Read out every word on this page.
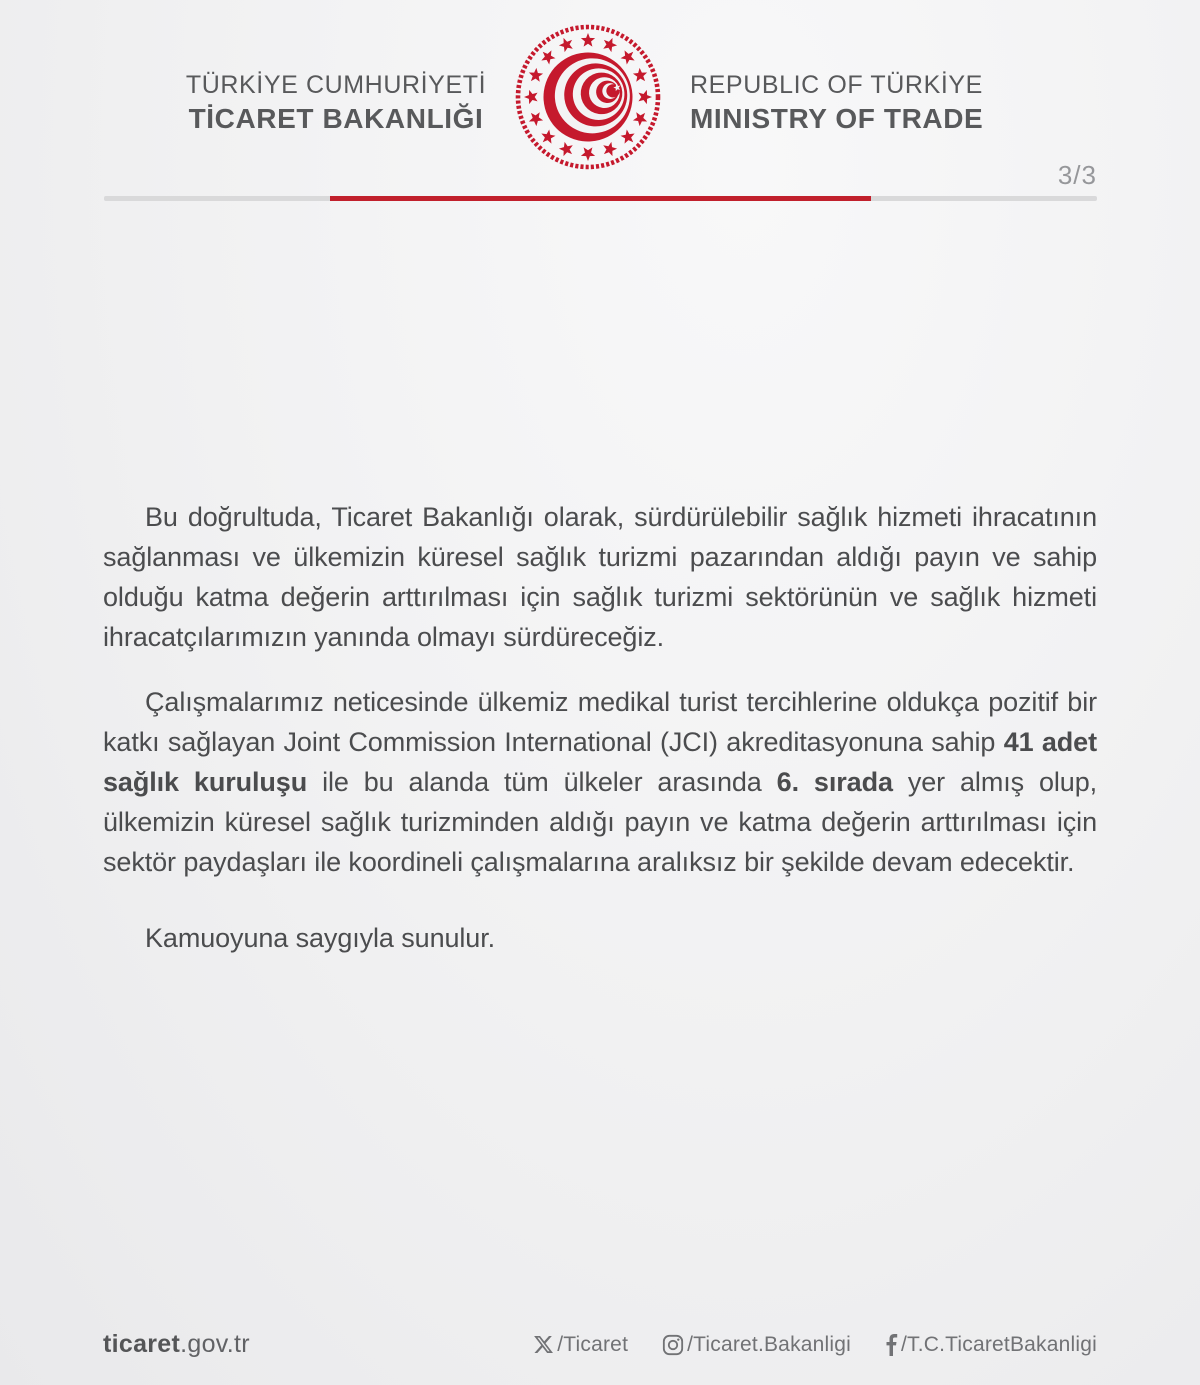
TÜRKİYE CUMHURİYETİ
TİCARET BAKANLIĞI
REPUBLIC OF TÜRKİYE
MINISTRY OF TRADE
3/3

Bu doğrultuda, Ticaret Bakanlığı olarak, sürdürülebilir sağlık hizmeti ihracatının sağlanması ve ülkemizin küresel sağlık turizmi pazarından aldığı payın ve sahip olduğu katma değerin arttırılması için sağlık turizmi sektörünün ve sağlık hizmeti ihracatçılarımızın yanında olmayı sürdüreceğiz.

Çalışmalarımız neticesinde ülkemiz medikal turist tercihlerine oldukça pozitif bir katkı sağlayan Joint Commission International (JCI) akreditasyonuna sahip 41 adet sağlık kuruluşu ile bu alanda tüm ülkeler arasında 6. sırada yer almış olup, ülkemizin küresel sağlık turizminden aldığı payın ve katma değerin arttırılması için sektör paydaşları ile koordineli çalışmalarına aralıksız bir şekilde devam edecektir.

Kamuoyuna saygıyla sunulur.

ticaret.gov.tr	/Ticaret	/Ticaret.Bakanligi /T.C.TicaretBakanligi
